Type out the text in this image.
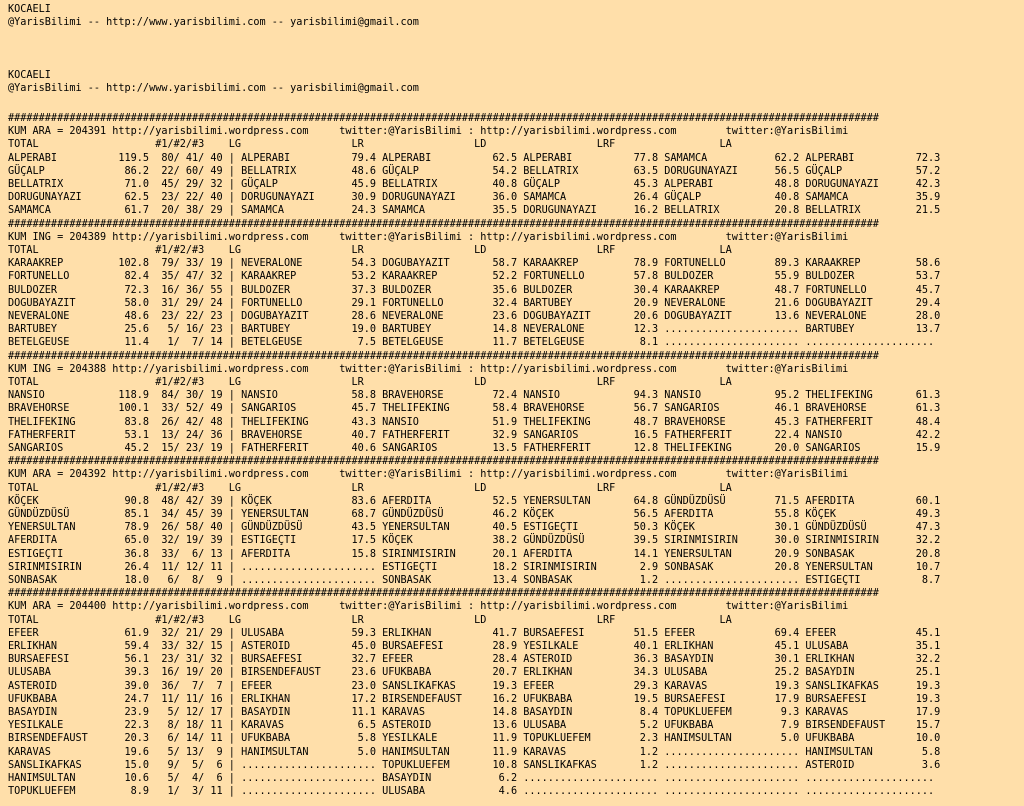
KOCAELI
@YarisBilimi -- http://www.yarisbilimi.com -- yarisbilimi@gmail.com
KOCAELI
@YarisBilimi -- http://www.yarisbilimi.com -- yarisbilimi@gmail.com
##############################################################################################################################################
KUM ARA = 204391 http://yarisbilimi.wordpress.com     twitter:@YarisBilimi : http://yarisbilimi.wordpress.com        twitter:@YarisBilimi
TOTAL                   #1/#2/#3    LG                  LR                  LD                  LRF                 LA
ALPERABI          119.5  80/ 41/ 40 | ALPERABI          79.4 ALPERABI          62.5 ALPERABI          77.8 SAMAMCA           62.2 ALPERABI          72.3
GÜÇALP             86.2  22/ 60/ 49 | BELLATRIX         48.6 GÜÇALP            54.2 BELLATRIX         63.5 DORUGUNAYAZI      56.5 GÜÇALP            57.2
BELLATRIX          71.0  45/ 29/ 32 | GÜÇALP            45.9 BELLATRIX         40.8 GÜÇALP            45.3 ALPERABI          48.8 DORUGUNAYAZI      42.3
DORUGUNAYAZI       62.5  23/ 22/ 40 | DORUGUNAYAZI      30.9 DORUGUNAYAZI      36.0 SAMAMCA           26.4 GÜÇALP            40.8 SAMAMCA           35.9
SAMAMCA            61.7  20/ 38/ 29 | SAMAMCA           24.3 SAMAMCA           35.5 DORUGUNAYAZI      16.2 BELLATRIX         20.8 BELLATRIX         21.5
##############################################################################################################################################
KUM ING = 204389 http://yarisbilimi.wordpress.com     twitter:@YarisBilimi : http://yarisbilimi.wordpress.com        twitter:@YarisBilimi
TOTAL                   #1/#2/#3    LG                  LR                  LD                  LRF                 LA
KARAAKREP         102.8  79/ 33/ 19 | NEVERALONE        54.3 DOGUBAYAZIT       58.7 KARAAKREP         78.9 FORTUNELLO        89.3 KARAAKREP         58.6
FORTUNELLO         82.4  35/ 47/ 32 | KARAAKREP         53.2 KARAAKREP         52.2 FORTUNELLO        57.8 BULDOZER          55.9 BULDOZER          53.7
BULDOZER           72.3  16/ 36/ 55 | BULDOZER          37.3 BULDOZER          35.6 BULDOZER          30.4 KARAAKREP         48.7 FORTUNELLO        45.7
DOGUBAYAZIT        58.0  31/ 29/ 24 | FORTUNELLO        29.1 FORTUNELLO        32.4 BARTUBEY          20.9 NEVERALONE        21.6 DOGUBAYAZIT       29.4
NEVERALONE         48.6  23/ 22/ 23 | DOGUBAYAZIT       28.6 NEVERALONE        23.6 DOGUBAYAZIT       20.6 DOGUBAYAZIT       13.6 NEVERALONE        28.0
BARTUBEY           25.6   5/ 16/ 23 | BARTUBEY          19.0 BARTUBEY          14.8 NEVERALONE        12.3 ...................... BARTUBEY          13.7
BETELGEUSE         11.4   1/  7/ 14 | BETELGEUSE         7.5 BETELGEUSE        11.7 BETELGEUSE         8.1 ...................... .....................
##############################################################################################################################################
KUM ING = 204388 http://yarisbilimi.wordpress.com     twitter:@YarisBilimi : http://yarisbilimi.wordpress.com        twitter:@YarisBilimi
TOTAL                   #1/#2/#3    LG                  LR                  LD                  LRF                 LA
NANSIO            118.9  84/ 30/ 19 | NANSIO            58.8 BRAVEHORSE        72.4 NANSIO            94.3 NANSIO            95.2 THELIFEKING       61.3
BRAVEHORSE        100.1  33/ 52/ 49 | SANGARIOS         45.7 THELIFEKING       58.4 BRAVEHORSE        56.7 SANGARIOS         46.1 BRAVEHORSE        61.3
THELIFEKING        83.8  26/ 42/ 48 | THELIFEKING       43.3 NANSIO            51.9 THELIFEKING       48.7 BRAVEHORSE        45.3 FATHERFERIT       48.4
FATHERFERIT        53.1  13/ 24/ 36 | BRAVEHORSE        40.7 FATHERFERIT       32.9 SANGARIOS         16.5 FATHERFERIT       22.4 NANSIO            42.2
SANGARIOS          45.2  15/ 23/ 19 | FATHERFERIT       40.6 SANGARIOS         13.5 FATHERFERIT       12.8 THELIFEKING       20.0 SANGARIOS         15.9
##############################################################################################################################################
KUM ARA = 204392 http://yarisbilimi.wordpress.com     twitter:@YarisBilimi : http://yarisbilimi.wordpress.com        twitter:@YarisBilimi
TOTAL                   #1/#2/#3    LG                  LR                  LD                  LRF                 LA
KÖÇEK              90.8  48/ 42/ 39 | KÖÇEK             83.6 AFERDITA          52.5 YENERSULTAN       64.8 GÜNDÜZDÜSÜ        71.5 AFERDITA          60.1
GÜNDÜZDÜSÜ         85.1  34/ 45/ 39 | YENERSULTAN       68.7 GÜNDÜZDÜSÜ        46.2 KÖÇEK             56.5 AFERDITA          55.8 KÖÇEK             49.3
YENERSULTAN        78.9  26/ 58/ 40 | GÜNDÜZDÜSÜ        43.5 YENERSULTAN       40.5 ESTIGEÇTI         50.3 KÖÇEK             30.1 GÜNDÜZDÜSÜ        47.3
AFERDITA           65.0  32/ 19/ 39 | ESTIGEÇTI         17.5 KÖÇEK             38.2 GÜNDÜZDÜSÜ        39.5 SIRINMISIRIN      30.0 SIRINMISIRIN      32.2
ESTIGEÇTI          36.8  33/  6/ 13 | AFERDITA          15.8 SIRINMISIRIN      20.1 AFERDITA          14.1 YENERSULTAN       20.9 SONBASAK          20.8
SIRINMISIRIN       26.4  11/ 12/ 11 | ...................... ESTIGEÇTI         18.2 SIRINMISIRIN       2.9 SONBASAK          20.8 YENERSULTAN       10.7
SONBASAK           18.0   6/  8/  9 | ...................... SONBASAK          13.4 SONBASAK           1.2 ...................... ESTIGEÇTI          8.7
##############################################################################################################################################
KUM ARA = 204400 http://yarisbilimi.wordpress.com     twitter:@YarisBilimi : http://yarisbilimi.wordpress.com        twitter:@YarisBilimi
TOTAL                   #1/#2/#3    LG                  LR                  LD                  LRF                 LA
EFEER              61.9  32/ 21/ 29 | ULUSABA           59.3 ERLIKHAN          41.7 BURSAEFESI        51.5 EFEER             69.4 EFEER             45.1
ERLIKHAN           59.4  33/ 32/ 15 | ASTEROID          45.0 BURSAEFESI        28.9 YESILKALE         40.1 ERLIKHAN          45.1 ULUSABA           35.1
BURSAEFESI         56.1  23/ 31/ 32 | BURSAEFESI        32.7 EFEER             28.4 ASTEROID          36.3 BASAYDIN          30.1 ERLIKHAN          32.2
ULUSABA            39.3  16/ 19/ 20 | BIRSENDEFAUST     23.6 UFUKBABA          20.7 ERLIKHAN          34.3 ULUSABA           25.2 BASAYDIN          25.1
ASTEROID           39.0  36/  7/  7 | EFEER             23.0 SANSLIKAFKAS      19.3 EFEER             29.3 KARAVAS           19.3 SANSLIKAFKAS      19.3
UFUKBABA           24.7  11/ 11/ 16 | ERLIKHAN          17.2 BIRSENDEFAUST     16.2 UFUKBABA          19.5 BURSAEFESI        17.9 BURSAEFESI        19.3
BASAYDIN           23.9   5/ 12/ 17 | BASAYDIN          11.1 KARAVAS           14.8 BASAYDIN           8.4 TOPUKLUEFEM        9.3 KARAVAS           17.9
YESILKALE          22.3   8/ 18/ 11 | KARAVAS            6.5 ASTEROID          13.6 ULUSABA            5.2 UFUKBABA           7.9 BIRSENDEFAUST     15.7
BIRSENDEFAUST      20.3   6/ 14/ 11 | UFUKBABA           5.8 YESILKALE         11.9 TOPUKLUEFEM        2.3 HANIMSULTAN        5.0 UFUKBABA          10.0
KARAVAS            19.6   5/ 13/  9 | HANIMSULTAN        5.0 HANIMSULTAN       11.9 KARAVAS            1.2 ...................... HANIMSULTAN        5.8
SANSLIKAFKAS       15.0   9/  5/  6 | ...................... TOPUKLUEFEM       10.8 SANSLIKAFKAS       1.2 ...................... ASTEROID           3.6
HANIMSULTAN        10.6   5/  4/  6 | ...................... BASAYDIN           6.2 ...................... ...................... .....................
TOPUKLUEFEM         8.9   1/  3/ 11 | ...................... ULUSABA            4.6 ...................... ...................... .....................
